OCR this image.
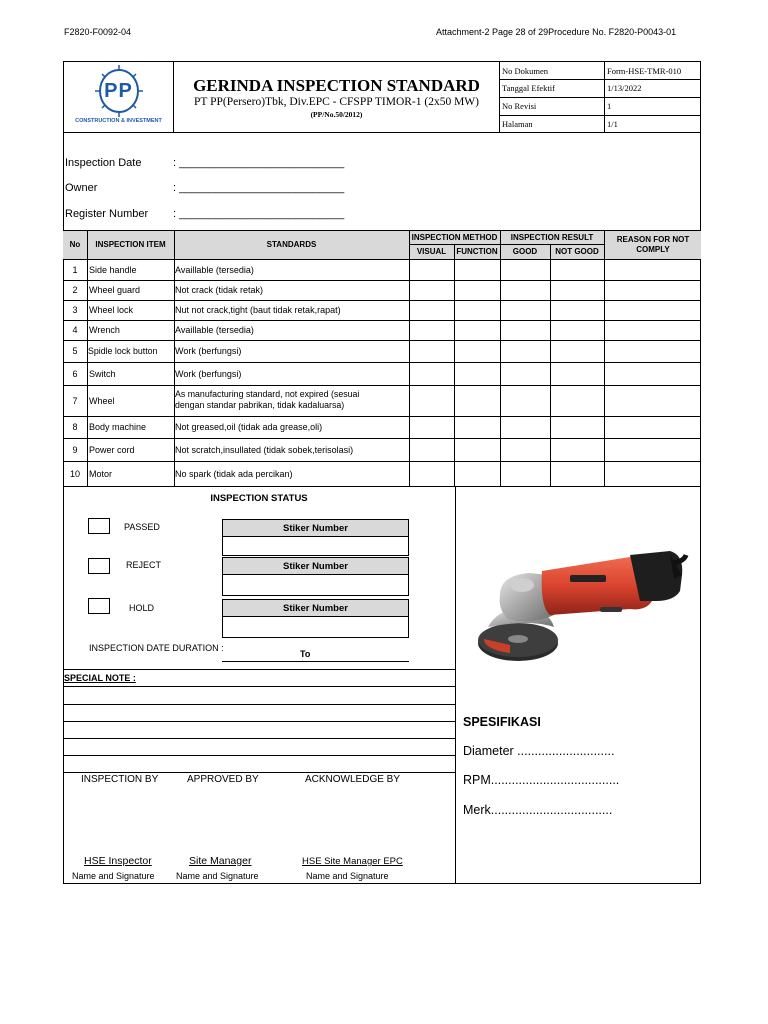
F2820-F0092-04	Attachment-2 Page 28 of 29Procedure No. F2820-P0043-01
PP
CONSTRUCTION & INVESTMENT
GERINDA INSPECTION STANDARD
PT PP(Persero)Tbk, Div.EPC - CFSPP TIMOR-1 (2x50 MW)
(PP/No.50/2012)
No Dokumen	Form-HSE-TMR-010
Tanggal Efektif	1/13/2022
No Revisi	1
Halaman	1/1
Inspection Date	: ___________________________
Owner	: ___________________________
Register Number : ___________________________
No	INSPECTION ITEM	STANDARDS
INSPECTION METHOD
VISUAL	FUNCTION
INSPECTION RESULT
GOOD	NOT GOOD
REASON FOR NOT COMPLY
1	Side handle	Availlable (tersedia)
2	Wheel guard	Not crack (tidak retak)
3	Wheel lock	Nut not crack,tight (baut tidak retak,rapat)
4	Wrench	Availlable (tersedia)
5	Spidle lock button	Work (berfungsi)
6	Switch	Work (berfungsi)
7	Wheel
As manufacturing standard, not expired (sesuai
dengan standar pabrikan, tidak kadaluarsa)
8	Body machine	Not greased,oil (tidak ada grease,oli)
9	Power cord	Not scratch,insullated (tidak sobek,terisolasi)
10	Motor	No spark (tidak ada percikan)
INSPECTION STATUS
PASSED	Stiker Number
REJECT	Stiker Number
HOLD	Stiker Number
INSPECTION DATE DURATION :
To
SPECIAL NOTE :
INSPECTION BY	APPROVED BY	ACKNOWLEDGE BY
HSE Inspector	Site Manager	HSE Site Manager EPC
Name and Signature Name and Signature	Name and Signature
SPESIFIKASI
Diameter ............................
RPM.....................................
Merk...................................
